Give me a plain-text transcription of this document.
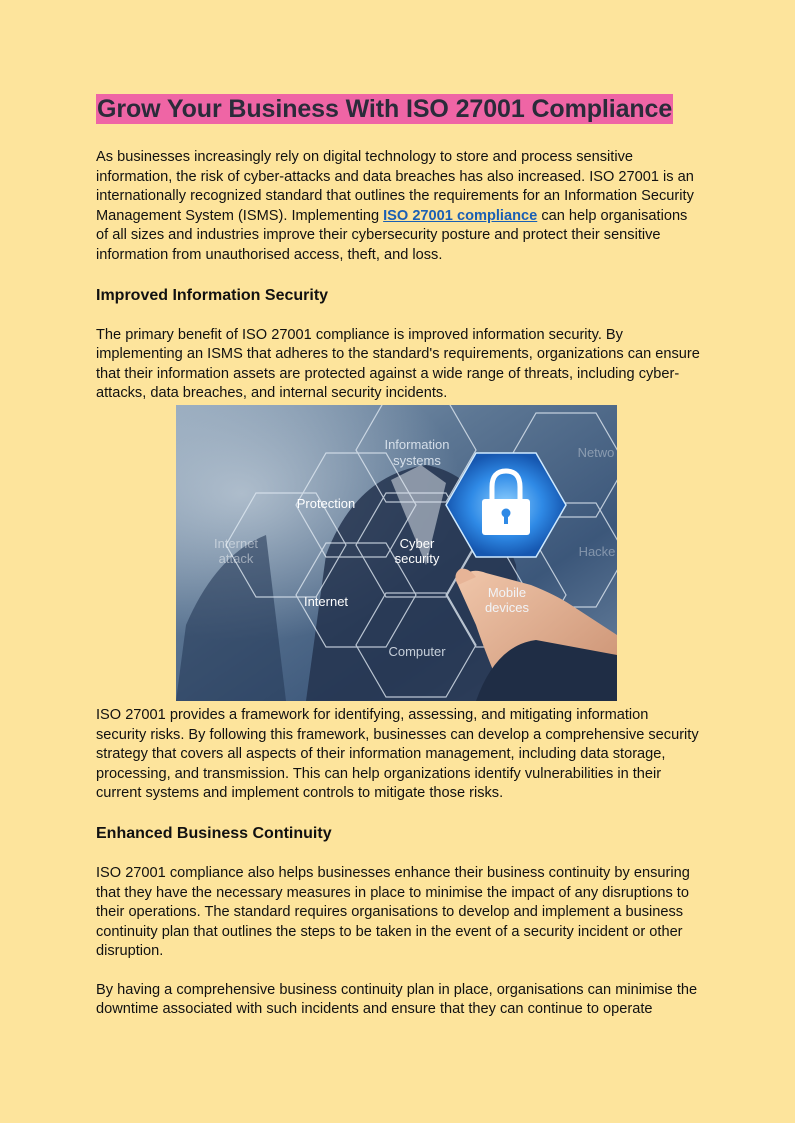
Grow Your Business With ISO 27001 Compliance

As businesses increasingly rely on digital technology to store and process sensitive information, the risk of cyber-attacks and data breaches has also increased. ISO 27001 is an internationally recognized standard that outlines the requirements for an Information Security Management System (ISMS). Implementing ISO 27001 compliance can help organisations of all sizes and industries improve their cybersecurity posture and protect their sensitive information from unauthorised access, theft, and loss.

Improved Information Security

The primary benefit of ISO 27001 compliance is improved information security. By implementing an ISMS that adheres to the standard's requirements, organizations can ensure that their information assets are protected against a wide range of threats, including cyber-attacks, data breaches, and internal security incidents.

Information
systems
Netwo
Protection
Internet
attack
Cyber
security	Hacke
Internet
Mobile
devices
Computer

ISO 27001 provides a framework for identifying, assessing, and mitigating information security risks. By following this framework, businesses can develop a comprehensive security strategy that covers all aspects of their information management, including data storage, processing, and transmission. This can help organizations identify vulnerabilities in their current systems and implement controls to mitigate those risks.

Enhanced Business Continuity

ISO 27001 compliance also helps businesses enhance their business continuity by ensuring that they have the necessary measures in place to minimise the impact of any disruptions to their operations. The standard requires organisations to develop and implement a business continuity plan that outlines the steps to be taken in the event of a security incident or other disruption.

By having a comprehensive business continuity plan in place, organisations can minimise the downtime associated with such incidents and ensure that they can continue to operate
